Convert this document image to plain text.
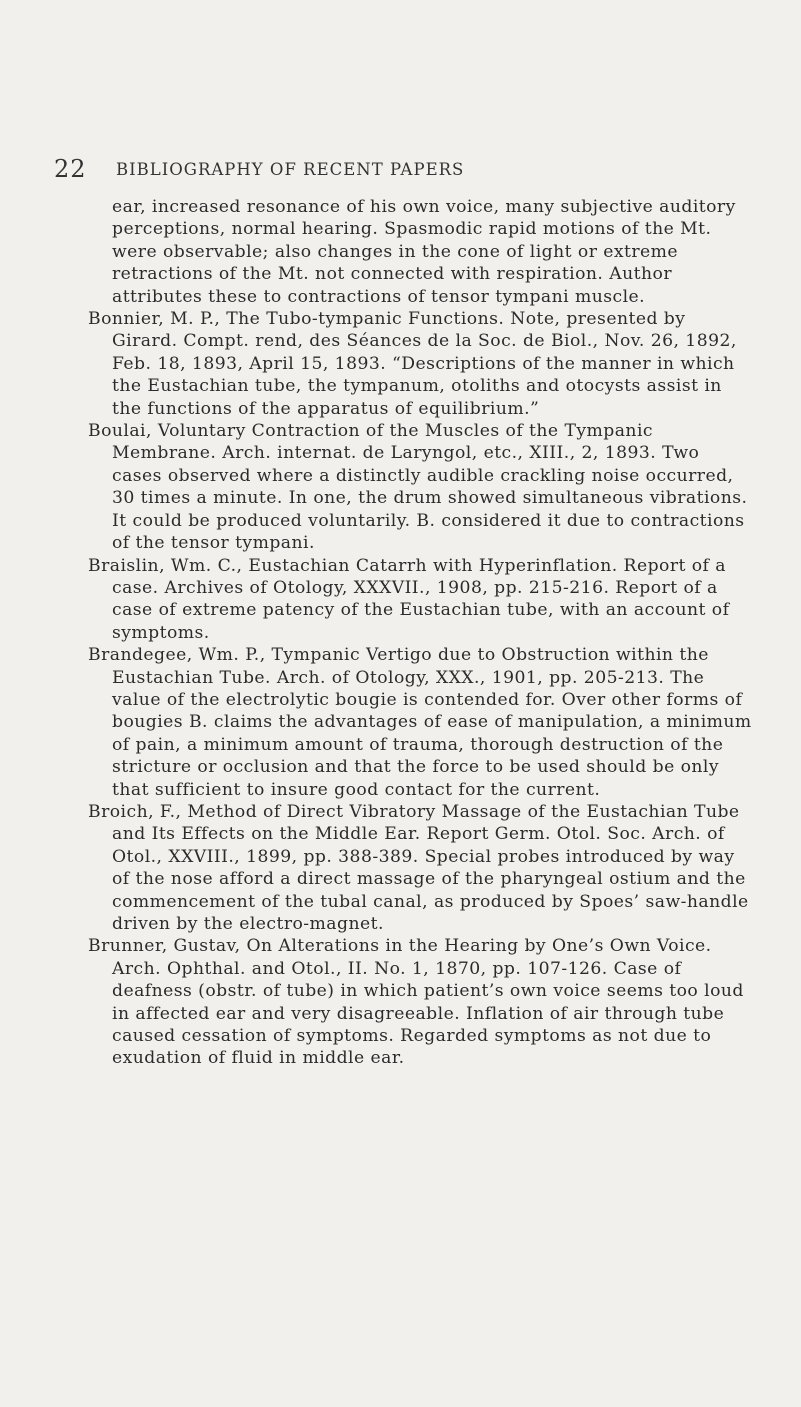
22 BIBLIOGRAPHY OF RECENT PAPERS

ear, increased resonance of his own voice, many subjective auditory perceptions, normal hearing. Spasmodic rapid motions of the Mt. were observable; also changes in the cone of light or extreme retractions of the Mt. not connected with respiration. Author attributes these to contractions of tensor tympani muscle.

Bonnier, M. P., The Tubo-tympanic Functions. Note, presented by Girard. Compt. rend, des Séances de la Soc. de Biol., Nov. 26, 1892, Feb. 18, 1893, April 15, 1893. “Descriptions of the manner in which the Eustachian tube, the tympanum, otoliths and otocysts assist in the functions of the apparatus of equilibrium.”

Boulai, Voluntary Contraction of the Muscles of the Tympanic Membrane. Arch. internat. de Laryngol, etc., XIII., 2, 1893. Two cases observed where a distinctly audible crackling noise occurred, 30 times a minute. In one, the drum showed simultaneous vibrations. It could be produced voluntarily. B. considered it due to contractions of the tensor tympani.

Braislin, Wm. C., Eustachian Catarrh with Hyperinflation. Report of a case. Archives of Otology, XXXVII., 1908, pp. 215-216. Report of a case of extreme patency of the Eustachian tube, with an account of symptoms.

Brandegee, Wm. P., Tympanic Vertigo due to Obstruction within the Eustachian Tube. Arch. of Otology, XXX., 1901, pp. 205-213. The value of the electrolytic bougie is contended for. Over other forms of bougies B. claims the advantages of ease of manipulation, a minimum of pain, a minimum amount of trauma, thorough destruction of the stricture or occlusion and that the force to be used should be only that sufficient to insure good contact for the current.

Broich, F., Method of Direct Vibratory Massage of the Eustachian Tube and Its Effects on the Middle Ear. Report Germ. Otol. Soc. Arch. of Otol., XXVIII., 1899, pp. 388-389. Special probes introduced by way of the nose afford a direct massage of the pharyngeal ostium and the commencement of the tubal canal, as produced by Spoes’ saw-handle driven by the electro-magnet.

Brunner, Gustav, On Alterations in the Hearing by One’s Own Voice. Arch. Ophthal. and Otol., II. No. 1, 1870, pp. 107-126. Case of deafness (obstr. of tube) in which patient’s own voice seems too loud in affected ear and very disagreeable. Inflation of air through tube caused cessation of symptoms. Regarded symptoms as not due to exudation of fluid in middle ear.
